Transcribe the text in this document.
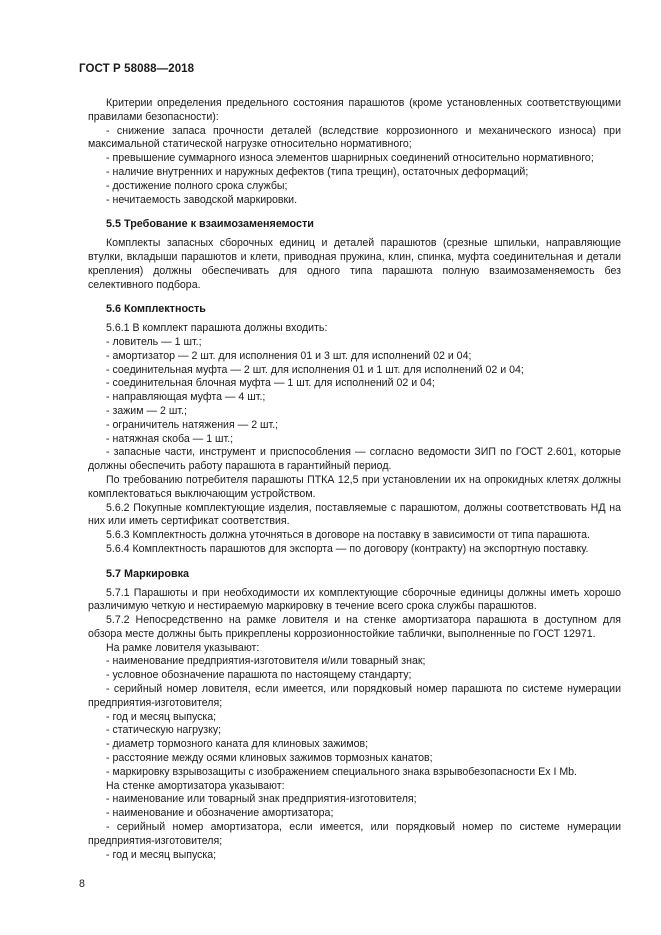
ГОСТ Р 58088—2018

Критерии определения предельного состояния парашютов (кроме установленных соответствующими правилами безопасности):

- снижение запаса прочности деталей (вследствие коррозионного и механического износа) при максимальной статической нагрузке относительно нормативного;

- превышение суммарного износа элементов шарнирных соединений относительно нормативного;

- наличие внутренних и наружных дефектов (типа трещин), остаточных деформаций;

- достижение полного срока службы;

- нечитаемость заводской маркировки.

5.5 Требование к взаимозаменяемости

Комплекты запасных сборочных единиц и деталей парашютов (срезные шпильки, направляющие втулки, вкладыши парашютов и клети, приводная пружина, клин, спинка, муфта соединительная и детали крепления) должны обеспечивать для одного типа парашюта полную взаимозаменяемость без селективного подбора.

5.6 Комплектность

5.6.1 В комплект парашюта должны входить:

- ловитель — 1 шт.;

- амортизатор — 2 шт. для исполнения 01 и 3 шт. для исполнений 02 и 04;

- соединительная муфта — 2 шт. для исполнения 01 и 1 шт. для исполнений 02 и 04;

- соединительная блочная муфта — 1 шт. для исполнений 02 и 04;

- направляющая муфта — 4 шт.;

- зажим — 2 шт.;

- ограничитель натяжения — 2 шт.;

- натяжная скоба — 1 шт.;

- запасные части, инструмент и приспособления — согласно ведомости ЗИП по ГОСТ 2.601, которые должны обеспечить работу парашюта в гарантийный период.

По требованию потребителя парашюты ПТКА 12,5 при установлении их на опрокидных клетях должны комплектоваться выключающим устройством.

5.6.2 Покупные комплектующие изделия, поставляемые с парашютом, должны соответствовать НД на них или иметь сертификат соответствия.

5.6.3 Комплектность должна уточняться в договоре на поставку в зависимости от типа парашюта.

5.6.4 Комплектность парашютов для экспорта — по договору (контракту) на экспортную поставку.

5.7 Маркировка

5.7.1 Парашюты и при необходимости их комплектующие сборочные единицы должны иметь хорошо различимую четкую и нестираемую маркировку в течение всего срока службы парашютов.

5.7.2 Непосредственно на рамке ловителя и на стенке амортизатора парашюта в доступном для обзора месте должны быть прикреплены коррозионностойкие таблички, выполненные по ГОСТ 12971.

На рамке ловителя указывают:

- наименование предприятия-изготовителя и/или товарный знак;

- условное обозначение парашюта по настоящему стандарту;

- серийный номер ловителя, если имеется, или порядковый номер парашюта по системе нумерации предприятия-изготовителя;

- год и месяц выпуска;

- статическую нагрузку;

- диаметр тормозного каната для клиновых зажимов;

- расстояние между осями клиновых зажимов тормозных канатов;

- маркировку взрывозащиты с изображением специального знака взрывобезопасности Ex I Mb.

На стенке амортизатора указывают:

- наименование или товарный знак предприятия-изготовителя;

- наименование и обозначение амортизатора;

- серийный номер амортизатора, если имеется, или порядковый номер по системе нумерации предприятия-изготовителя;

- год и месяц выпуска;

8
